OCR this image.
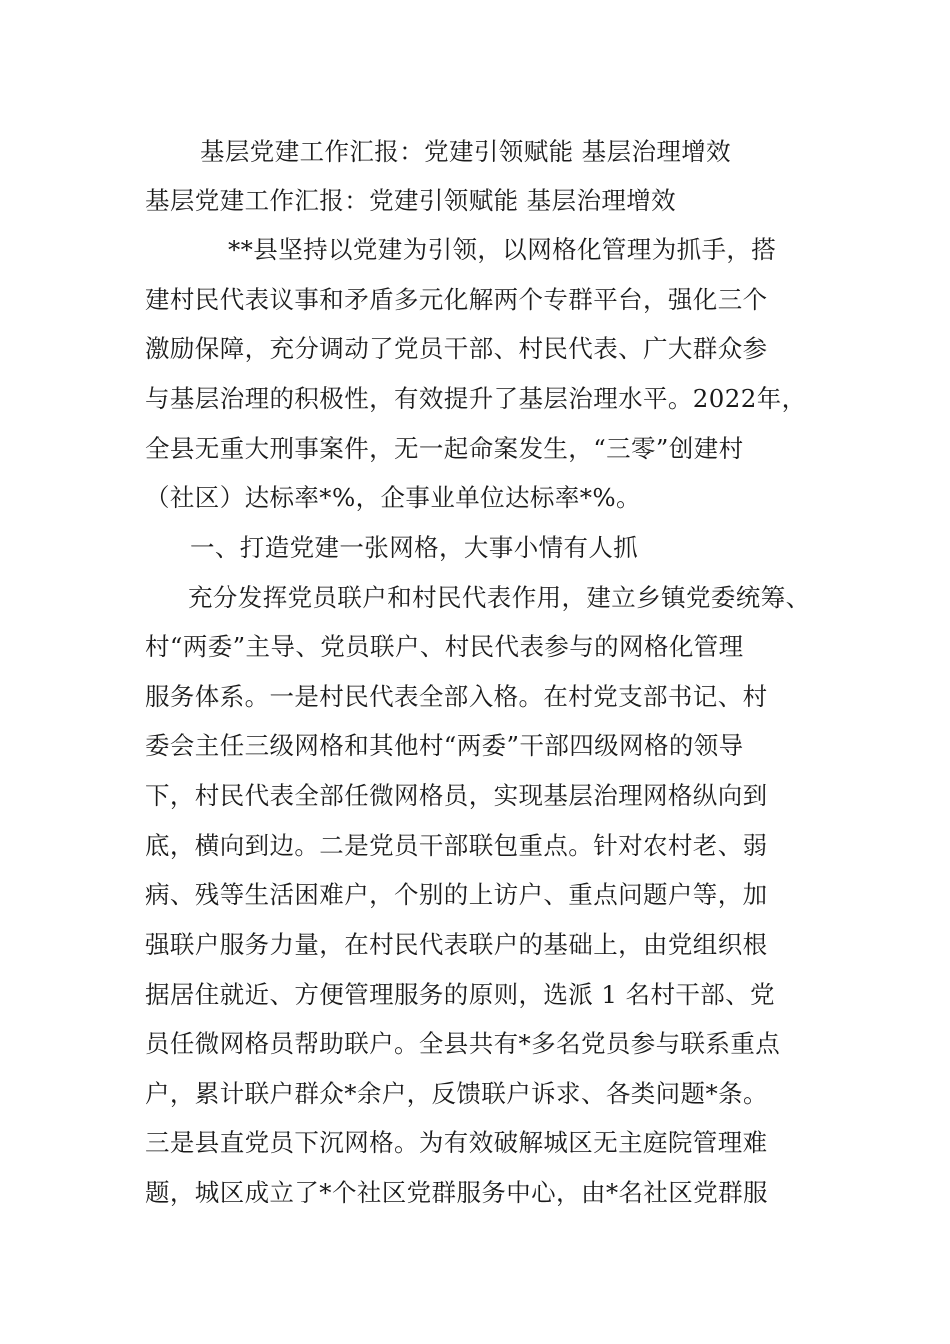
基层党建工作汇报：党建引领赋能 基层治理增效
基层党建工作汇报：党建引领赋能 基层治理增效
**县坚持以党建为引领，以网格化管理为抓手，搭
建村民代表议事和矛盾多元化解两个专群平台，强化三个
激励保障，充分调动了党员干部、村民代表、广大群众参
与基层治理的积极性，有效提升了基层治理水平。2022年，
全县无重大刑事案件，无一起命案发生，“三零”创建村
（社区）达标率*%，企事业单位达标率*%。
一、打造党建一张网格，大事小情有人抓
充分发挥党员联户和村民代表作用，建立乡镇党委统筹、
村“两委”主导、党员联户、村民代表参与的网格化管理
服务体系。一是村民代表全部入格。在村党支部书记、村
委会主任三级网格和其他村“两委”干部四级网格的领导
下，村民代表全部任微网格员，实现基层治理网格纵向到
底，横向到边。二是党员干部联包重点。针对农村老、弱
病、残等生活困难户，个别的上访户、重点问题户等，加
强联户服务力量，在村民代表联户的基础上，由党组织根
据居住就近、方便管理服务的原则，选派 1 名村干部、党
员任微网格员帮助联户。全县共有*多名党员参与联系重点
户，累计联户群众*余户，反馈联户诉求、各类问题*条。
三是县直党员下沉网格。为有效破解城区无主庭院管理难
题，城区成立了*个社区党群服务中心，由*名社区党群服
